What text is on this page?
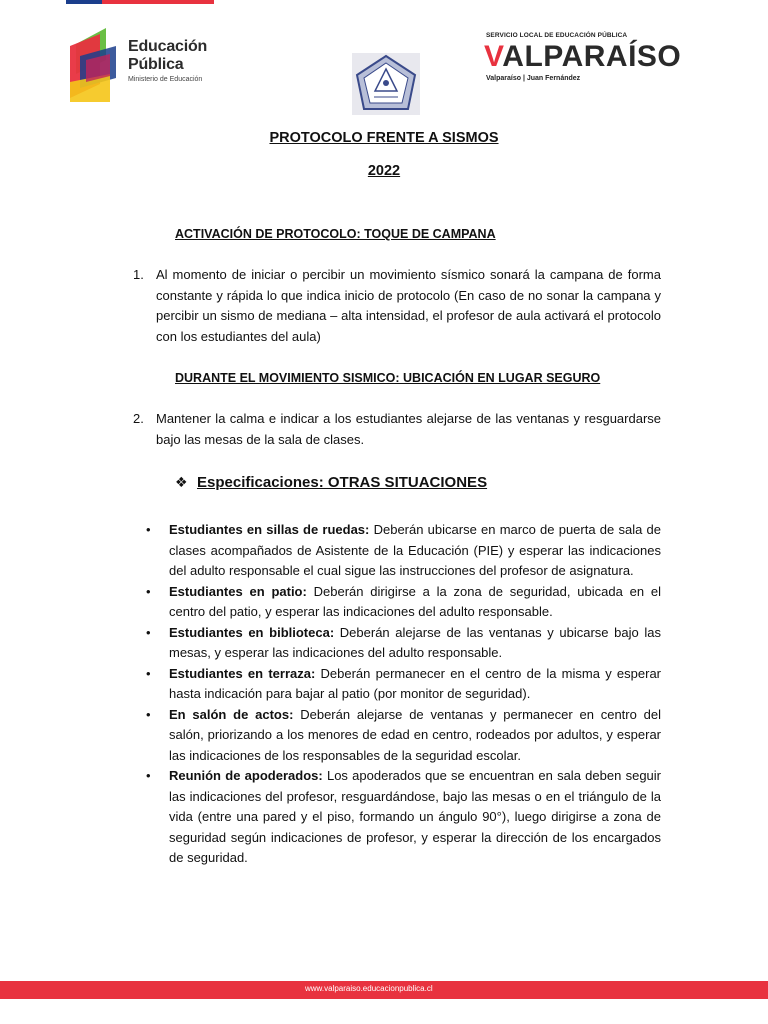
Educación
Pública
Ministerio de Educación
SERVICIO LOCAL DE EDUCACIÓN PÚBLICA
VALPARAÍSO
Valparaíso | Juan Fernández
PROTOCOLO FRENTE A SISMOS
2022
ACTIVACIÓN DE PROTOCOLO: TOQUE DE CAMPANA
1. Al momento de iniciar o percibir un movimiento sísmico sonará la campana de forma constante y rápida lo que indica inicio de protocolo (En caso de no sonar la campana y percibir un sismo de mediana – alta intensidad, el profesor de aula activará el protocolo con los estudiantes del aula)
DURANTE EL MOVIMIENTO SISMICO: UBICACIÓN EN LUGAR SEGURO
2. Mantener la calma e indicar a los estudiantes alejarse de las ventanas y resguardarse bajo las mesas de la sala de clases.
❖ Especificaciones: OTRAS SITUACIONES
• Estudiantes en sillas de ruedas: Deberán ubicarse en marco de puerta de sala de clases acompañados de Asistente de la Educación (PIE) y esperar las indicaciones del adulto responsable el cual sigue las instrucciones del profesor de asignatura.
• Estudiantes en patio: Deberán dirigirse a la zona de seguridad, ubicada en el centro del patio, y esperar las indicaciones del adulto responsable.
• Estudiantes en biblioteca: Deberán alejarse de las ventanas y ubicarse bajo las mesas, y esperar las indicaciones del adulto responsable.
• Estudiantes en terraza: Deberán permanecer en el centro de la misma y esperar hasta indicación para bajar al patio (por monitor de seguridad).
• En salón de actos: Deberán alejarse de ventanas y permanecer en centro del salón, priorizando a los menores de edad en centro, rodeados por adultos, y esperar las indicaciones de los responsables de la seguridad escolar.
• Reunión de apoderados: Los apoderados que se encuentran en sala deben seguir las indicaciones del profesor, resguardándose, bajo las mesas o en el triángulo de la vida (entre una pared y el piso, formando un ángulo 90°), luego dirigirse a zona de seguridad según indicaciones de profesor, y esperar la dirección de los encargados de seguridad.
www.valparaiso.educacionpublica.cl
